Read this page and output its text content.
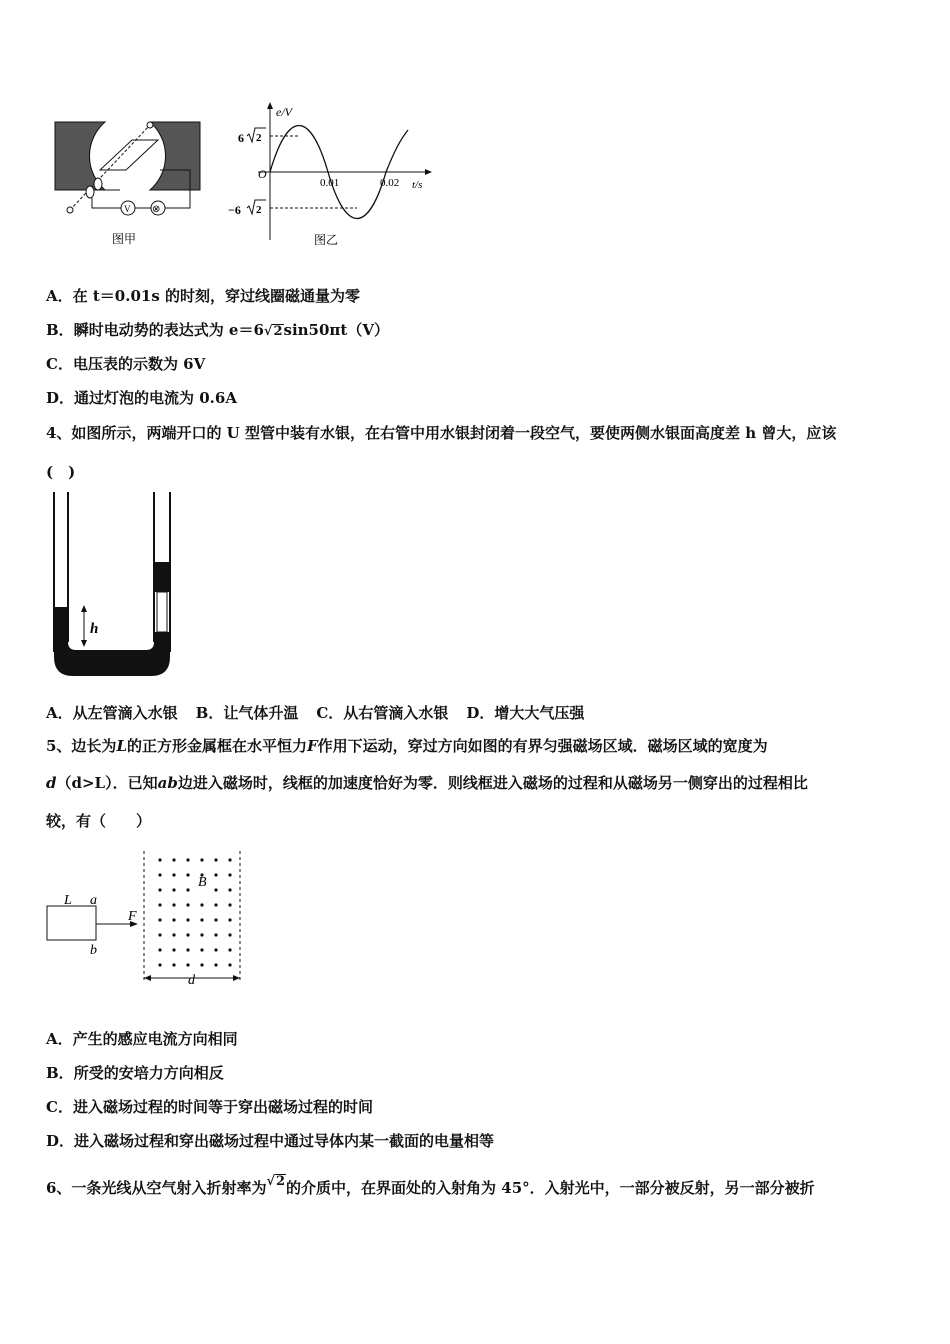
V ⊗
图甲
e/V
O
0.01	0.02 t/s
6 2
−6 2
图乙
A．在 t＝0.01s 的时刻，穿过线圈磁通量为零
B．瞬时电动势的表达式为 e＝6√2sin50πt（V）
C．电压表的示数为 6V
D．通过灯泡的电流为 0.6A
4、如图所示，两端开口的 U 型管中装有水银，在右管中用水银封闭着一段空气，要使两侧水银面高度差 h 曾大，应该
(　)
h
A．从左管滴入水银 B．让气体升温 C．从右管滴入水银 D．增大大气压强
5、边长为L的正方形金属框在水平恒力F作用下运动，穿过方向如图的有界匀强磁场区域．磁场区域的宽度为
d（d>L）．已知ab边进入磁场时，线框的加速度恰好为零．则线框进入磁场的过程和从磁场另一侧穿出的过程相比
较，有（　　）
L a
b
F
B
d
A．产生的感应电流方向相同
B．所受的安培力方向相反
C．进入磁场过程的时间等于穿出磁场过程的时间
D．进入磁场过程和穿出磁场过程中通过导体内某一截面的电量相等
6、一条光线从空气射入折射率为√2的介质中，在界面处的入射角为 45°．入射光中，一部分被反射，另一部分被折
